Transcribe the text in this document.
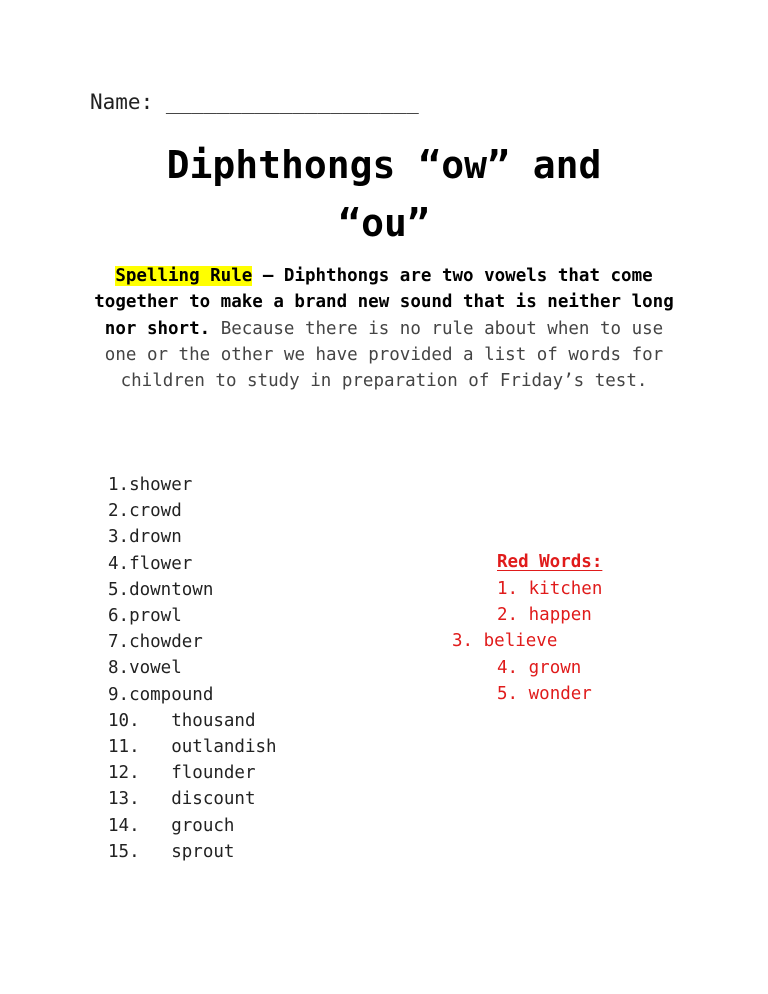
Name: ____________________
Diphthongs “ow” and
“ou”
Spelling Rule – Diphthongs are two vowels that come together to make a brand new sound that is neither long nor short. Because there is no rule about when to use one or the other we have provided a list of words for children to study in preparation of Friday’s test.
1.shower
2.crowd
3.drown
4.flower
5.downtown
6.prowl
7.chowder
8.vowel
9.compound
10.   thousand
11.   outlandish
12.   flounder
13.   discount
14.   grouch
15.   sprout
Red Words:
1. kitchen
2. happen
3. believe
4. grown
5. wonder
